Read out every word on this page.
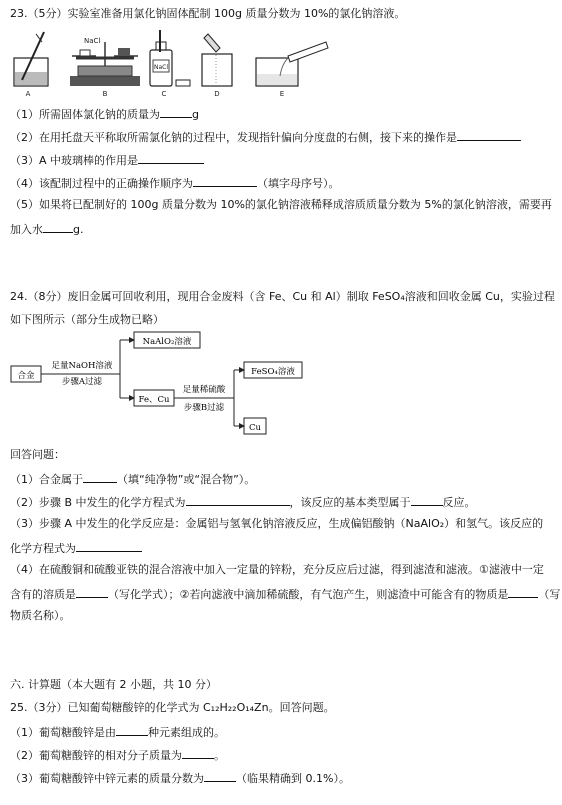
23.（5分）实验室准备用氯化钠固体配制 100g 质量分数为 10%的氯化钠溶液。
NaCl
NaCl
A	B	C	D	E
（1）所需固体氯化钠的质量为	g
（2）在用托盘天平称取所需氯化钠的过程中，发现指针偏向分度盘的右侧，接下来的操作是
（3）A 中玻璃棒的作用是
（4）该配制过程中的正确操作顺序为	（填字母序号）。
（5）如果将已配制好的 100g 质量分数为 10%的氯化钠溶液稀释成溶质质量分数为 5%的氯化钠溶液，需要再
加入水	g.
24.（8分）废旧金属可回收利用，现用合金废料（含 Fe、Cu 和 Al）制取 FeSO₄溶液和回收金属 Cu，实验过程
如下图所示（部分生成物已略）
合金
足量NaOH溶液
步骤A过滤
NaAlO₂溶液
Fe、Cu
足量稀硫酸
步骤B过滤
FeSO₄溶液
Cu
回答问题：
（1）合金属于	（填“纯净物”或“混合物”）。
（2）步骤 B 中发生的化学方程式为	，该反应的基本类型属于	反应。
（3）步骤 A 中发生的化学反应是：金属铝与氢氧化钠溶液反应，生成偏铝酸钠（NaAlO₂）和氢气。该反应的
化学方程式为
（4）在硫酸铜和硫酸亚铁的混合溶液中加入一定量的锌粉，充分反应后过滤，得到滤渣和滤液。①滤液中一定
含有的溶质是	（写化学式）；②若向滤液中滴加稀硫酸，有气泡产生，则滤渣中可能含有的物质是	（写
物质名称）。
六. 计算题（本大题有 2 小题，共 10 分）
25.（3分）已知葡萄糖酸锌的化学式为 C₁₂H₂₂O₁₄Zn。回答问题。
（1）葡萄糖酸锌是由	种元素组成的。
（2）葡萄糖酸锌的相对分子质量为	。
（3）葡萄糖酸锌中锌元素的质量分数为	（临果精确到 0.1%）。
